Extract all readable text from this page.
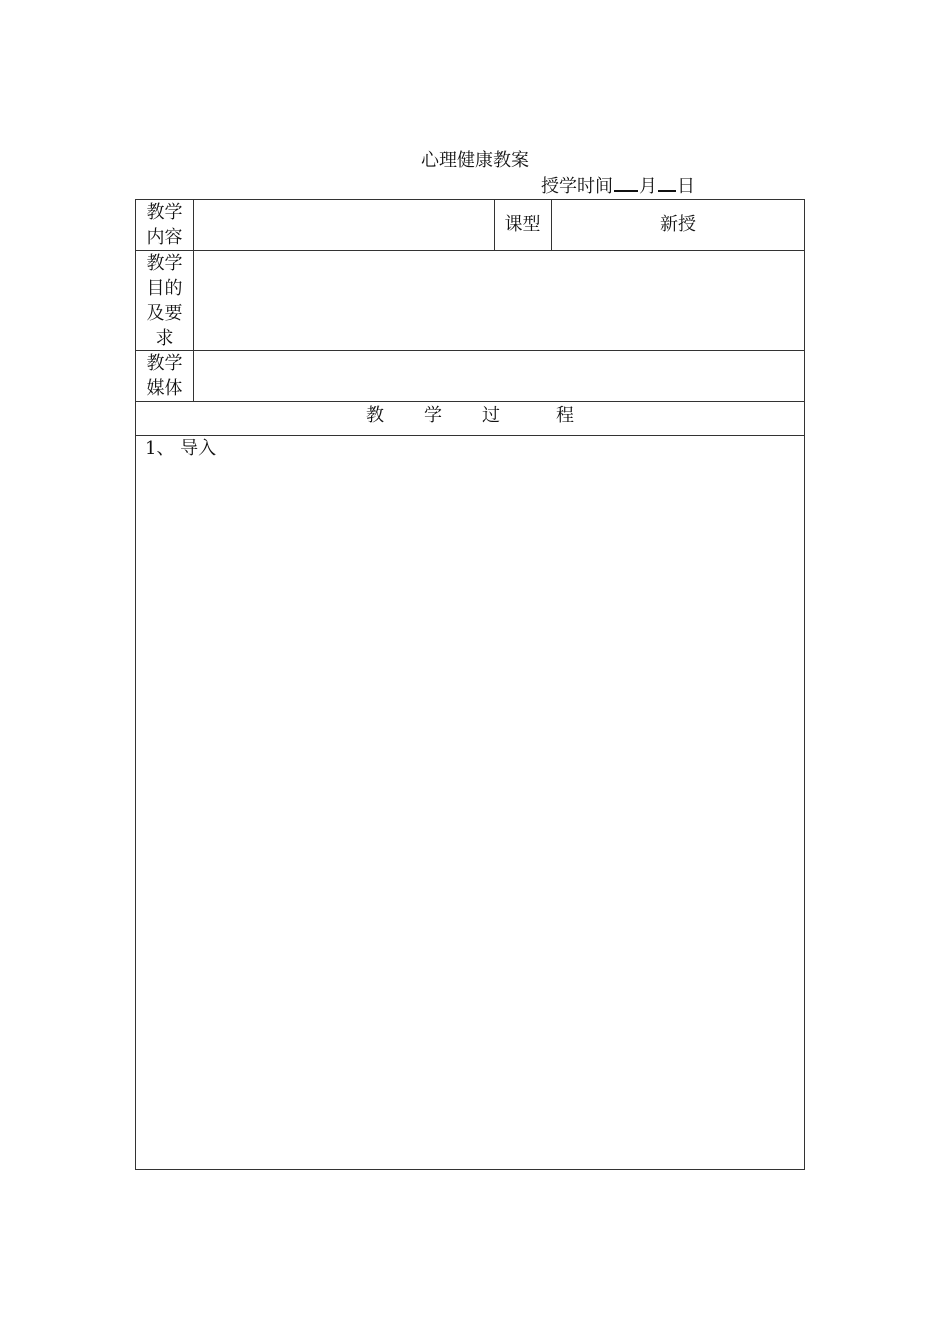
心理健康教案
授学时间 月 日
教学
内容
课型	新授
教学
目的
及要
求
教学
媒体
教 学 过	程
1、 导入
